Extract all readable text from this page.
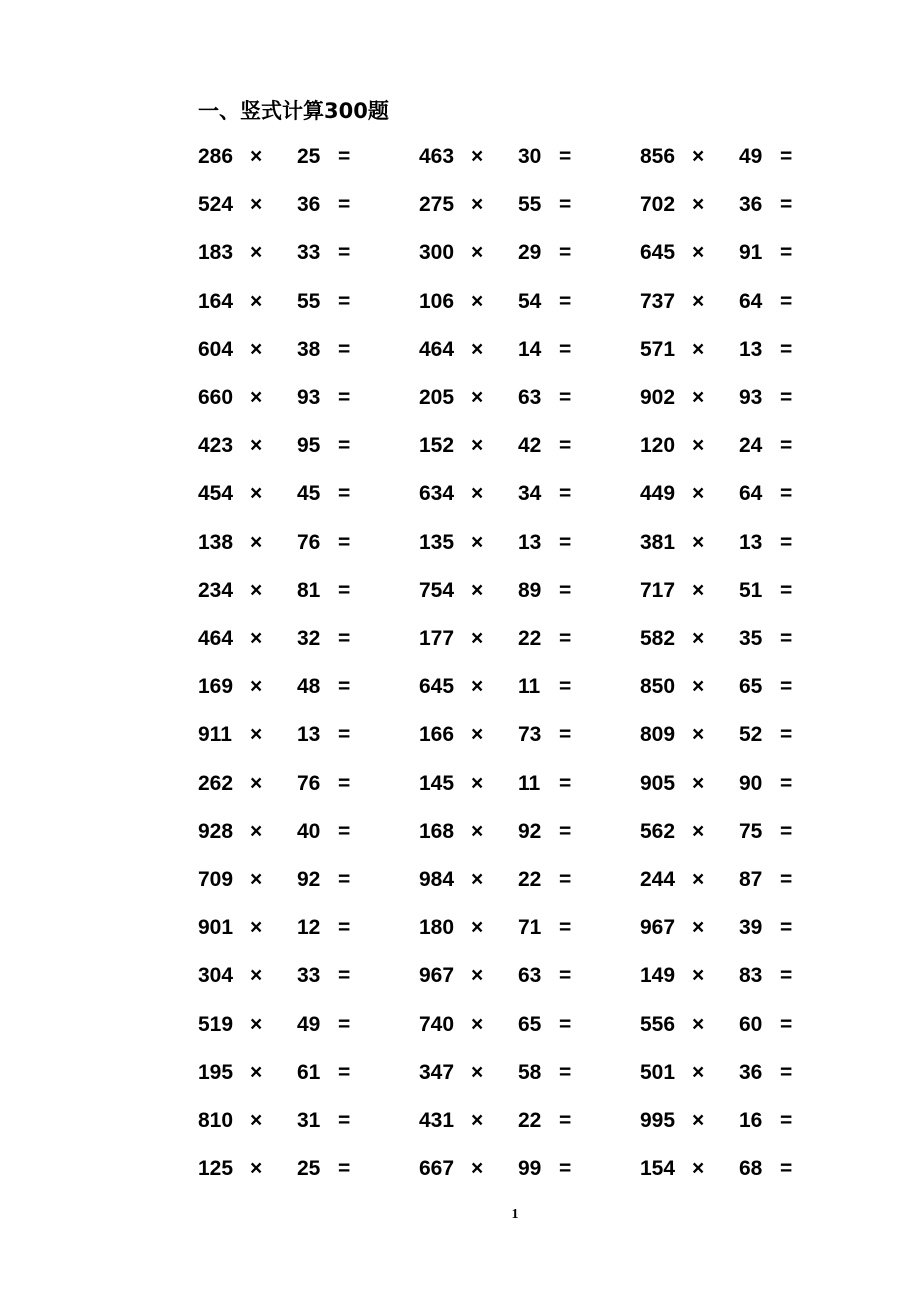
一、竖式计算300题
286 × 25 =	463 × 30 =	856 × 49 =
524 × 36 =	275 × 55 =	702 × 36 =
183 × 33 =	300 × 29 =	645 × 91 =
164 × 55 =	106 × 54 =	737 × 64 =
604 × 38 =	464 × 14 =	571 × 13 =
660 × 93 =	205 × 63 =	902 × 93 =
423 × 95 =	152 × 42 =	120 × 24 =
454 × 45 =	634 × 34 =	449 × 64 =
138 × 76 =	135 × 13 =	381 × 13 =
234 × 81 =	754 × 89 =	717 × 51 =
464 × 32 =	177 × 22 =	582 × 35 =
169 × 48 =	645 × 11 =	850 × 65 =
911 × 13 =	166 × 73 =	809 × 52 =
262 × 76 =	145 × 11 =	905 × 90 =
928 × 40 =	168 × 92 =	562 × 75 =
709 × 92 =	984 × 22 =	244 × 87 =
901 × 12 =	180 × 71 =	967 × 39 =
304 × 33 =	967 × 63 =	149 × 83 =
519 × 49 =	740 × 65 =	556 × 60 =
195 × 61 =	347 × 58 =	501 × 36 =
810 × 31 =	431 × 22 =	995 × 16 =
125 × 25 =	667 × 99 =	154 × 68 =
1
